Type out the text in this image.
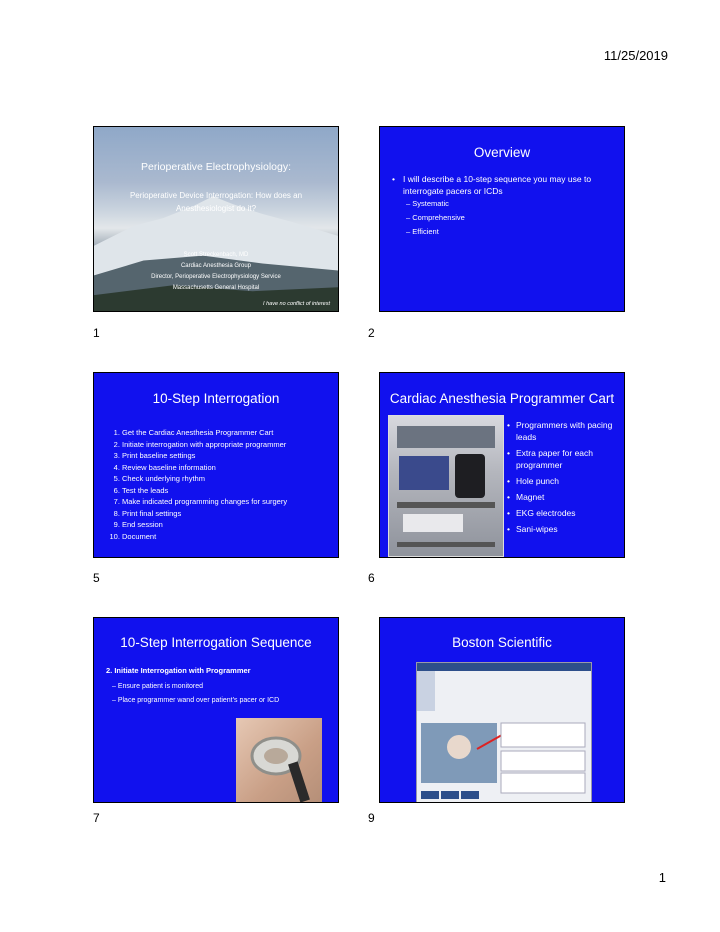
11/25/2019
Perioperative Electrophysiology:
Perioperative Device Interrogation: How does an Anesthesiologist do it?
Scott Streckenbach, MD
Cardiac Anesthesia Group
Director, Perioperative Electrophysiology Service
Massachusetts General Hospital
I have no conflict of interest
1
Overview
• I will describe a 10-step sequence you may use to interrogate pacers or ICDs
– Systematic
– Comprehensive
– Efficient
2
10-Step Interrogation
1. Get the Cardiac Anesthesia Programmer Cart
2. Initiate interrogation with appropriate programmer
3. Print baseline settings
4. Review baseline information
5. Check underlying rhythm
6. Test the leads
7. Make indicated programming changes for surgery
8. Print final settings
9. End session
10. Document
5
Cardiac Anesthesia Programmer Cart
• Programmers with pacing leads
• Extra paper for each programmer
• Hole punch
• Magnet
• EKG electrodes
• Sani-wipes
6
10-Step Interrogation Sequence
2. Initiate Interrogation with Programmer
– Ensure patient is monitored
– Place programmer wand over patient’s pacer or ICD
7
Boston Scientific
9
1
